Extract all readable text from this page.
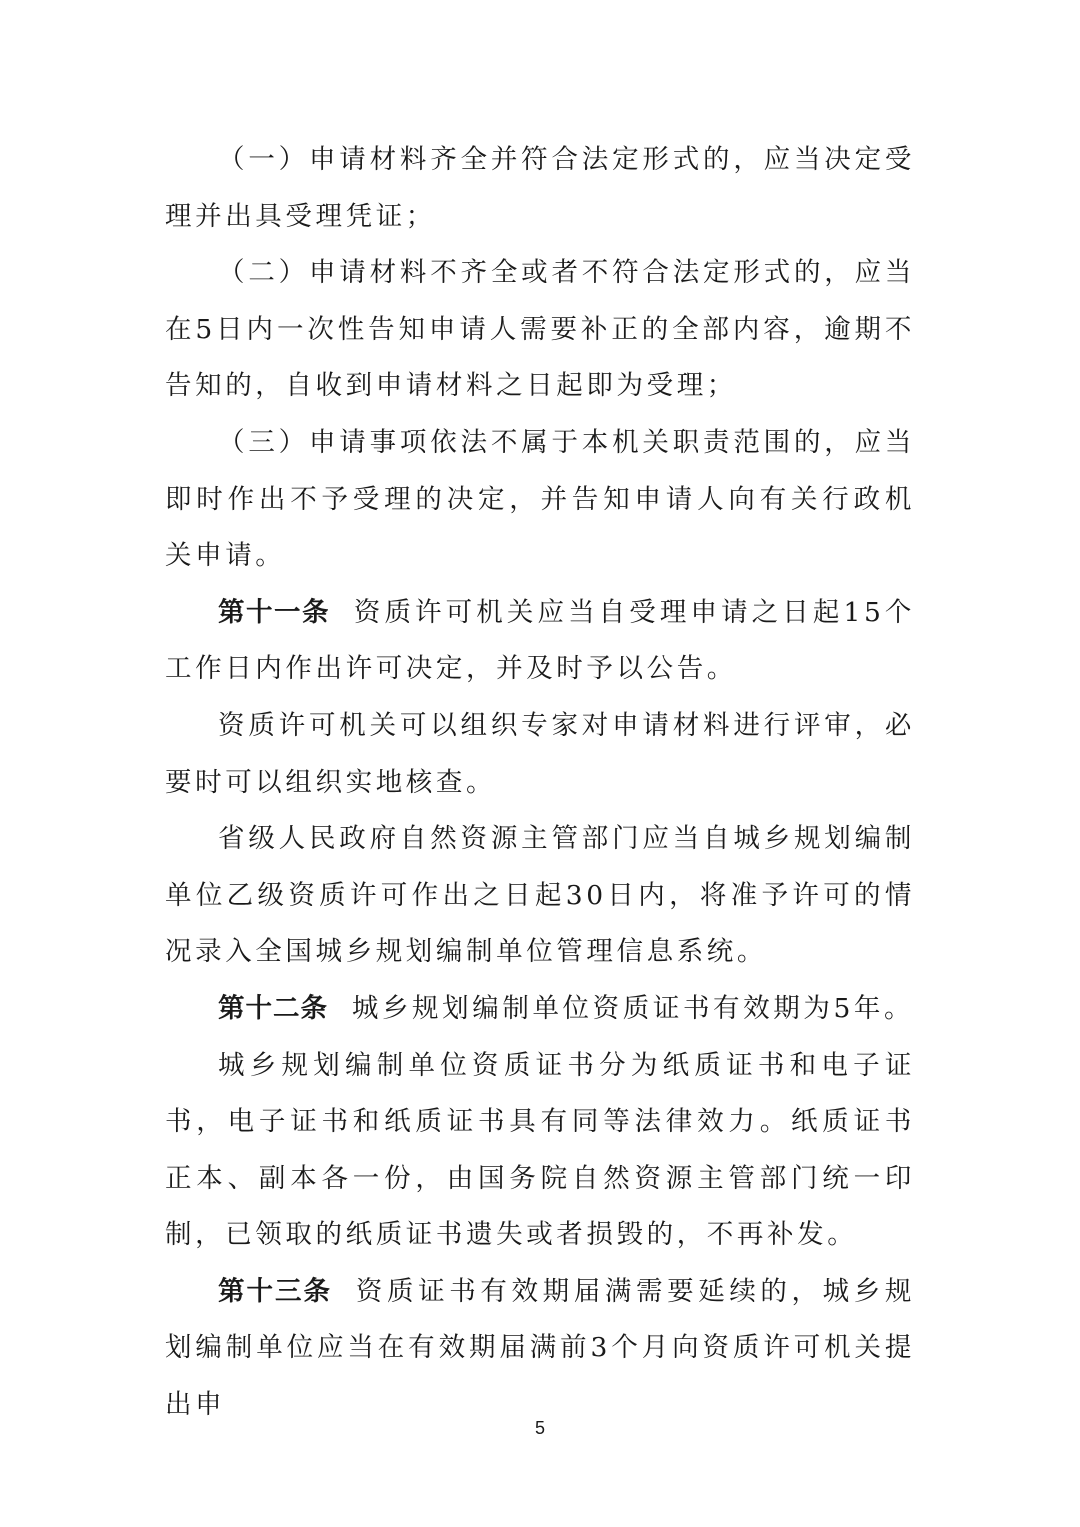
（一）申请材料齐全并符合法定形式的，应当决定受理并出具受理凭证；

（二）申请材料不齐全或者不符合法定形式的，应当在5日内一次性告知申请人需要补正的全部内容，逾期不告知的，自收到申请材料之日起即为受理；

（三）申请事项依法不属于本机关职责范围的，应当即时作出不予受理的决定，并告知申请人向有关行政机关申请。

第十一条 资质许可机关应当自受理申请之日起15个工作日内作出许可决定，并及时予以公告。

资质许可机关可以组织专家对申请材料进行评审，必要时可以组织实地核查。

省级人民政府自然资源主管部门应当自城乡规划编制单位乙级资质许可作出之日起30日内，将准予许可的情况录入全国城乡规划编制单位管理信息系统。

第十二条 城乡规划编制单位资质证书有效期为5年。

城乡规划编制单位资质证书分为纸质证书和电子证书，电子证书和纸质证书具有同等法律效力。纸质证书正本、副本各一份，由国务院自然资源主管部门统一印制，已领取的纸质证书遗失或者损毁的，不再补发。

第十三条 资质证书有效期届满需要延续的，城乡规划编制单位应当在有效期届满前3个月向资质许可机关提出申

5
